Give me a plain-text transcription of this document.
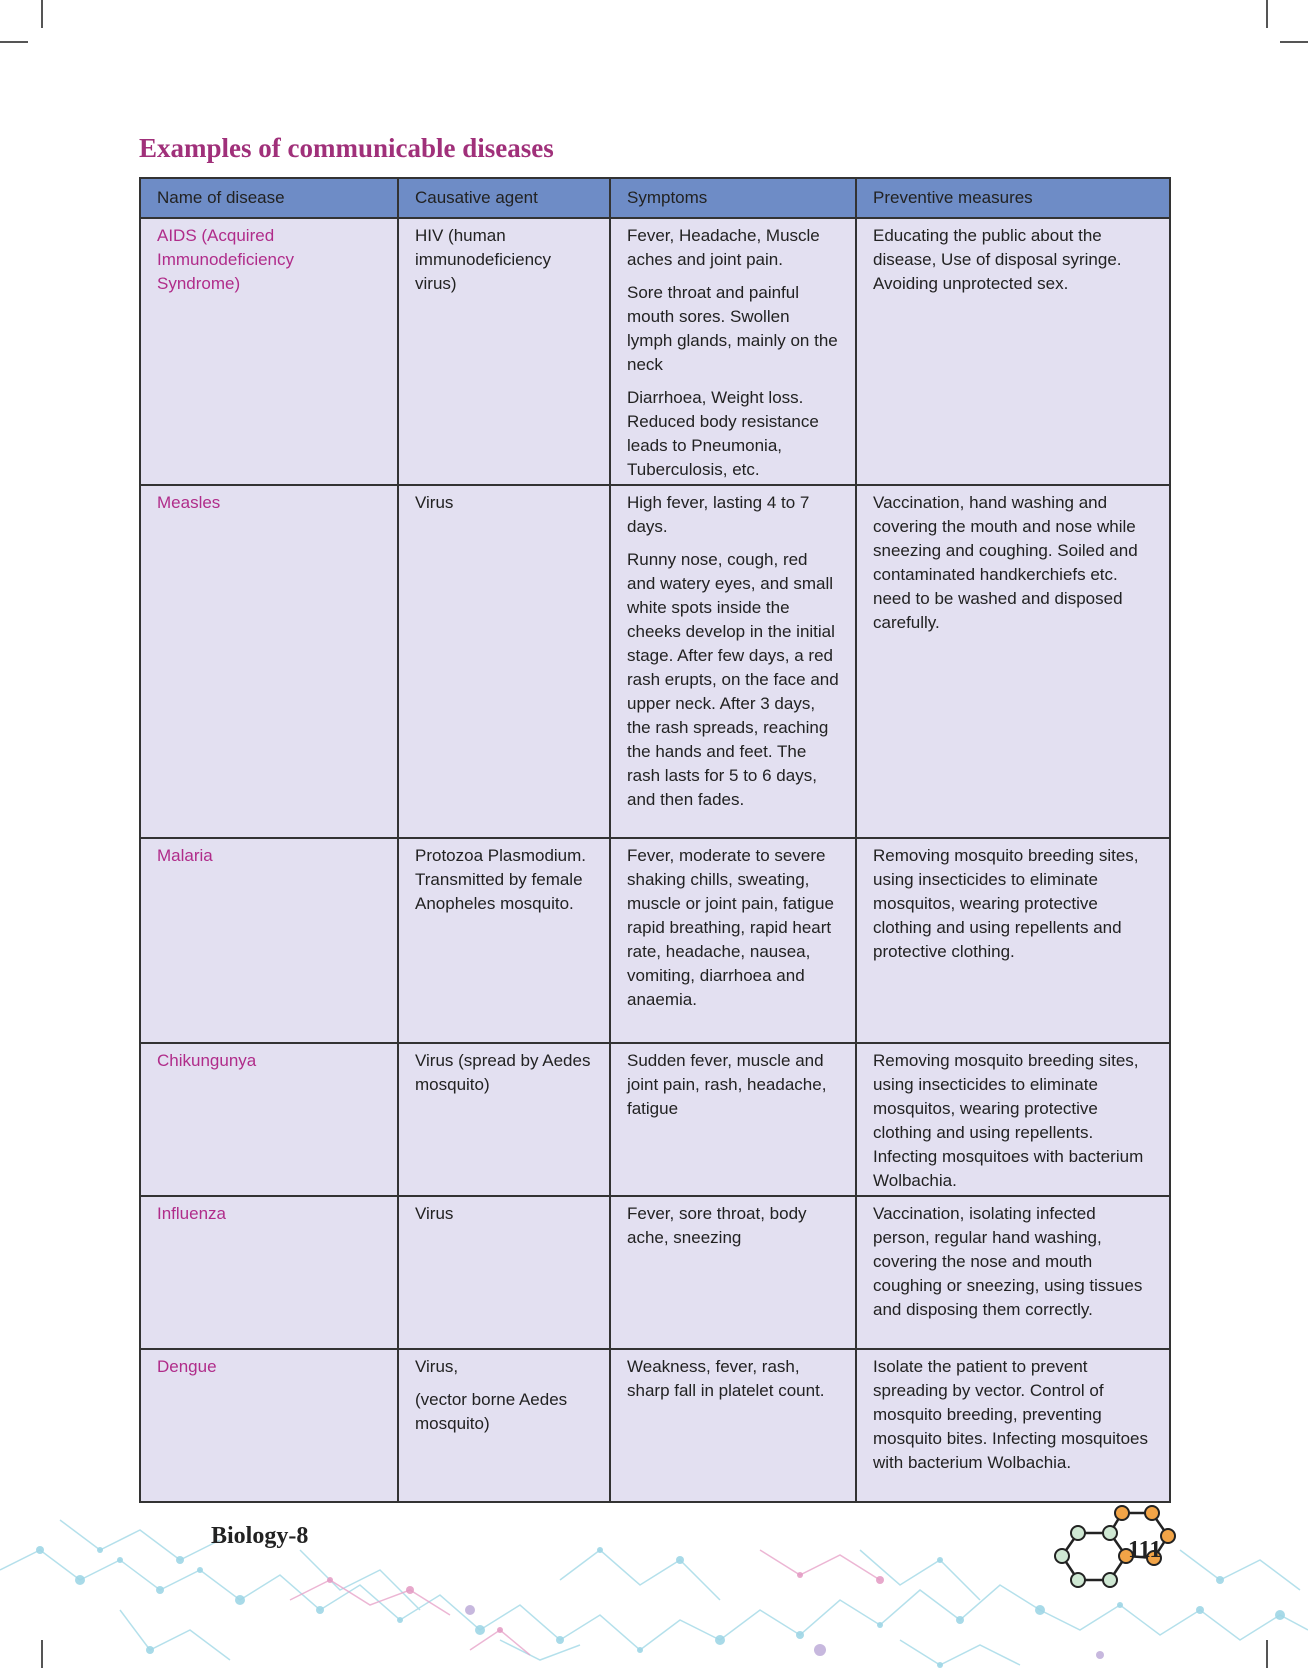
Examples of communicable diseases
Name of disease	Causative agent	Symptoms	Preventive measures
AIDS (Acquired Immunodeficiency Syndrome)	HIV (human immunodeficiency virus)	Fever, Headache, Muscle aches and joint pain.

Sore throat and painful mouth sores. Swollen lymph glands, mainly on the neck

Diarrhoea, Weight loss. Reduced body resistance leads to Pneumonia, Tuberculosis, etc.	Educating the public about the disease, Use of disposal syringe. Avoiding unprotected sex.

Measles	Virus	High fever, lasting 4 to 7 days.

Runny nose, cough, red and watery eyes, and small white spots inside the cheeks develop in the initial stage. After few days, a red rash erupts, on the face and upper neck. After 3 days, the rash spreads, reaching the hands and feet. The rash lasts for 5 to 6 days, and then fades.	Vaccination, hand washing and covering the mouth and nose while sneezing and coughing. Soiled and contaminated handkerchiefs etc. need to be washed and disposed carefully.

Malaria	Protozoa Plasmodium. Transmitted by female Anopheles mosquito.	Fever, moderate to severe shaking chills, sweating, muscle or joint pain, fatigue rapid breathing, rapid heart rate, headache, nausea, vomiting, diarrhoea and anaemia.	Removing mosquito breeding sites, using insecticides to eliminate mosquitos, wearing protective clothing and using repellents and protective clothing.

Chikungunya	Virus (spread by Aedes mosquito)	Sudden fever, muscle and joint pain, rash, headache, fatigue	Removing mosquito breeding sites, using insecticides to eliminate mosquitos, wearing protective clothing and using repellents. Infecting mosquitoes with bacterium Wolbachia.

Influenza	Virus	Fever, sore throat, body ache, sneezing	Vaccination, isolating infected person, regular hand washing, covering the nose and mouth coughing or sneezing, using tissues and disposing them correctly.

Dengue	Virus,

(vector borne Aedes mosquito)	Weakness, fever, rash, sharp fall in platelet count.	Isolate the patient to prevent spreading by vector. Control of mosquito breeding, preventing mosquito bites. Infecting mosquitoes with bacterium Wolbachia.

Biology-8
111
